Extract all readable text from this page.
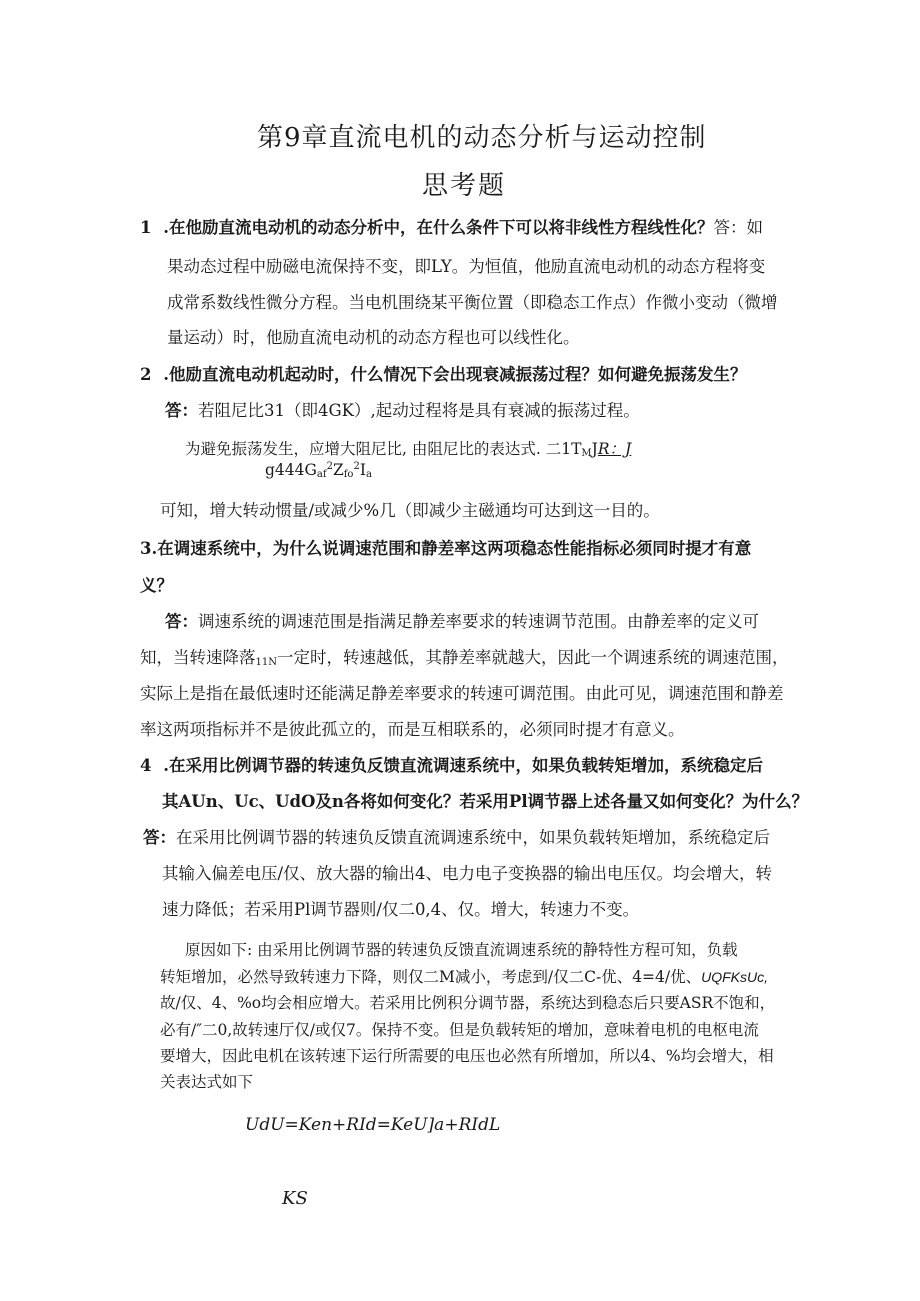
第9章直流电机的动态分析与运动控制
思考题
1 .在他励直流电动机的动态分析中，在什么条件下可以将非线性方程线性化？答：如
果动态过程中励磁电流保持不变，即LY。为恒值，他励直流电动机的动态方程将变
成常系数线性微分方程。当电机围绕某平衡位置（即稳态工作点）作微小变动（微增
量运动）时，他励直流电动机的动态方程也可以线性化。
2 .他励直流电动机起动时，什么情况下会出现衰减振荡过程？如何避免振荡发生？
答：若阻尼比31（即4GK）,起动过程将是具有衰减的振荡过程。
为避免振荡发生，应增大阻尼比, 由阻尼比的表达式. 二$1T_MJR$：J
$g444G_{af}^2Z_{fo}^2I_a$
可知，增大转动惯量/或减少%几（即减少主磁通均可达到这一目的。
3.在调速系统中，为什么说调速范围和静差率这两项稳态性能指标必须同时提才有意
义？
答：调速系统的调速范围是指满足静差率要求的转速调节范围。由静差率的定义可
知，当转速降落$_{11N}$一定时，转速越低，其静差率就越大，因此一个调速系统的调速范围，
实际上是指在最低速时还能满足静差率要求的转速可调范围。由此可见，调速范围和静差
率这两项指标并不是彼此孤立的，而是互相联系的，必须同时提才有意义。
4 .在采用比例调节器的转速负反馈直流调速系统中，如果负载转矩增加，系统稳定后
其AUn、Uc、UdO及n各将如何变化？若采用Pl调节器上述各量又如何变化？为什么？
答：在采用比例调节器的转速负反馈直流调速系统中，如果负载转矩增加，系统稳定后
其输入偏差电压/仅、放大器的输出4、电力电子变换器的输出电压仅。均会增大，转
速力降低；若采用Pl调节器则/仅二0,4、仅。增大，转速力不变。
原因如下: 由采用比例调节器的转速负反馈直流调速系统的静特性方程可知，负载
转矩增加，必然导致转速力下降，则仅二M减小，考虑到/仅二C-优、4=4/优、UQFKsUc,
故/仅、4、%o均会相应增大。若采用比例积分调节器，系统达到稳态后只要ASR不饱和，
必有/″二0,故转速厅仅/或仅7。保持不变。但是负载转矩的增加，意味着电机的电枢电流
要增大，因此电机在该转速下运行所需要的电压也必然有所增加，所以4、%均会增大，相
关表达式如下
UdU=Ken+RId=KeU]a+RIdL
KS
